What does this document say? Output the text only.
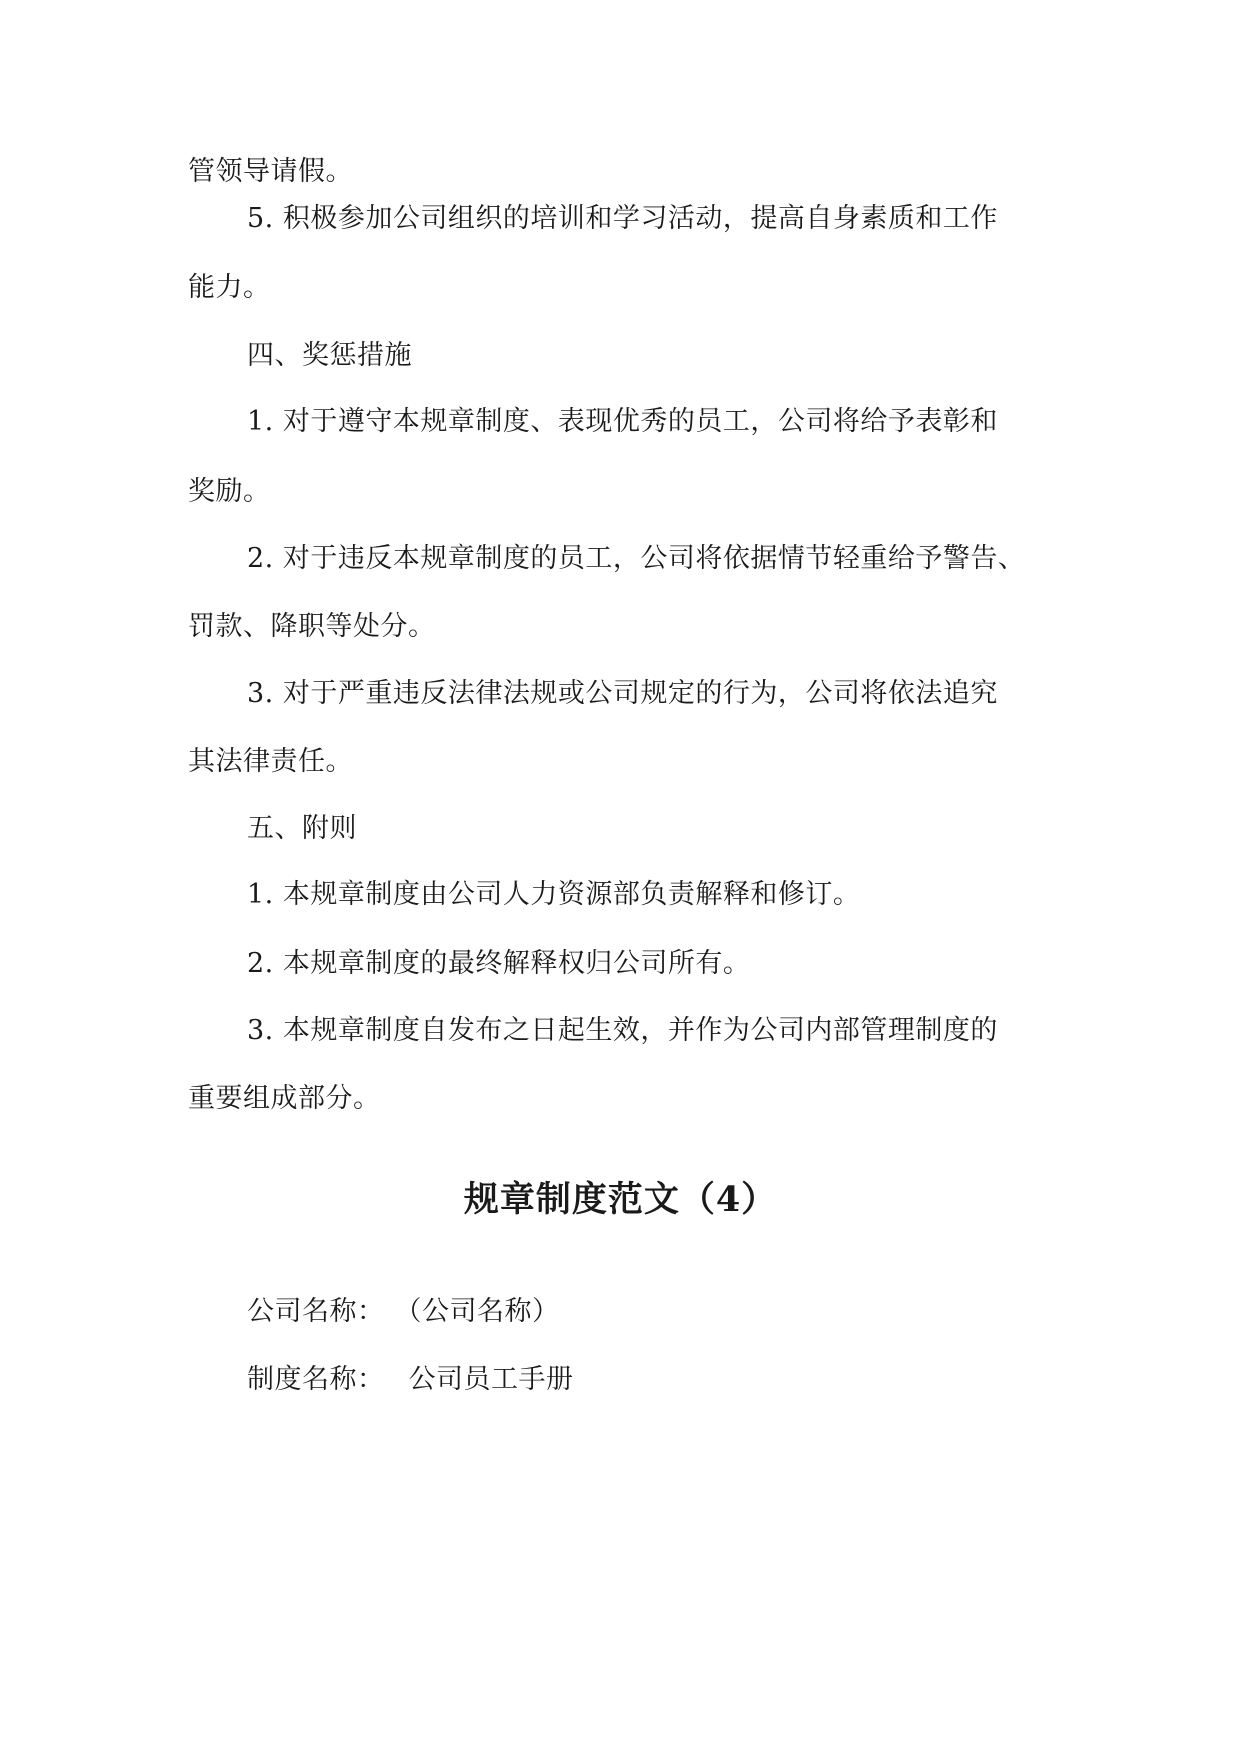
管领导请假。
5. 积极参加公司组织的培训和学习活动，提高自身素质和工作
能力。
四、奖惩措施
1. 对于遵守本规章制度、表现优秀的员工，公司将给予表彰和
奖励。
2. 对于违反本规章制度的员工，公司将依据情节轻重给予警告、
罚款、降职等处分。
3. 对于严重违反法律法规或公司规定的行为，公司将依法追究
其法律责任。
五、附则
1. 本规章制度由公司人力资源部负责解释和修订。
2. 本规章制度的最终解释权归公司所有。
3. 本规章制度自发布之日起生效，并作为公司内部管理制度的
重要组成部分。
规章制度范文（4）
公司名称： （公司名称）
制度名称： 公司员工手册
